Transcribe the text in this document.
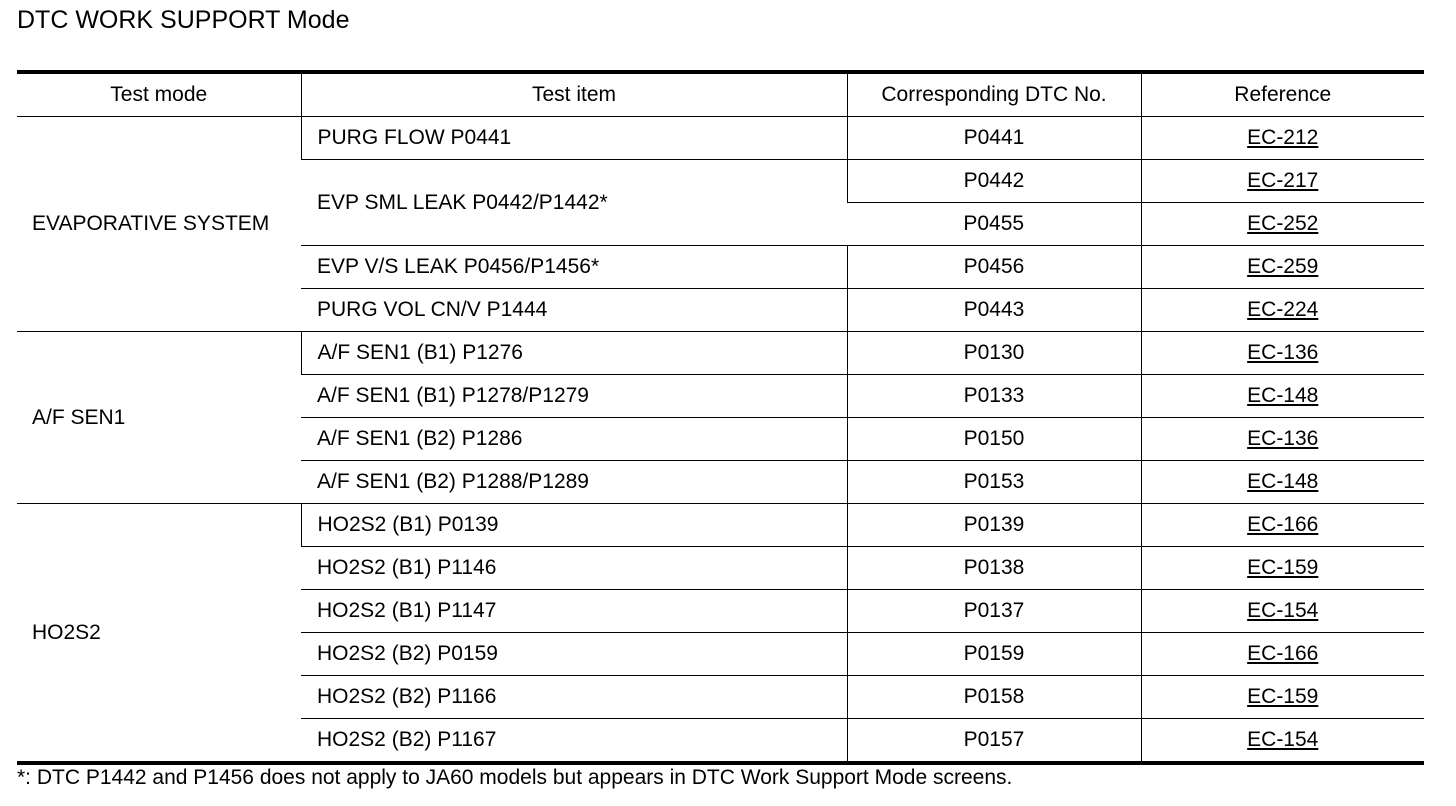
DTC WORK SUPPORT Mode
Test mode	Test item	Corresponding DTC No.	Reference
EVAPORATIVE SYSTEM	PURG FLOW P0441	P0441	EC-212
	EVP SML LEAK P0442/P1442*	P0442	EC-217
		P0455	EC-252
	EVP V/S LEAK P0456/P1456*	P0456	EC-259
	PURG VOL CN/V P1444	P0443	EC-224
A/F SEN1	A/F SEN1 (B1) P1276	P0130	EC-136
	A/F SEN1 (B1) P1278/P1279	P0133	EC-148
	A/F SEN1 (B2) P1286	P0150	EC-136
	A/F SEN1 (B2) P1288/P1289	P0153	EC-148
HO2S2	HO2S2 (B1) P0139	P0139	EC-166
	HO2S2 (B1) P1146	P0138	EC-159
	HO2S2 (B1) P1147	P0137	EC-154
	HO2S2 (B2) P0159	P0159	EC-166
	HO2S2 (B2) P1166	P0158	EC-159
	HO2S2 (B2) P1167	P0157	EC-154
*: DTC P1442 and P1456 does not apply to JA60 models but appears in DTC Work Support Mode screens.
